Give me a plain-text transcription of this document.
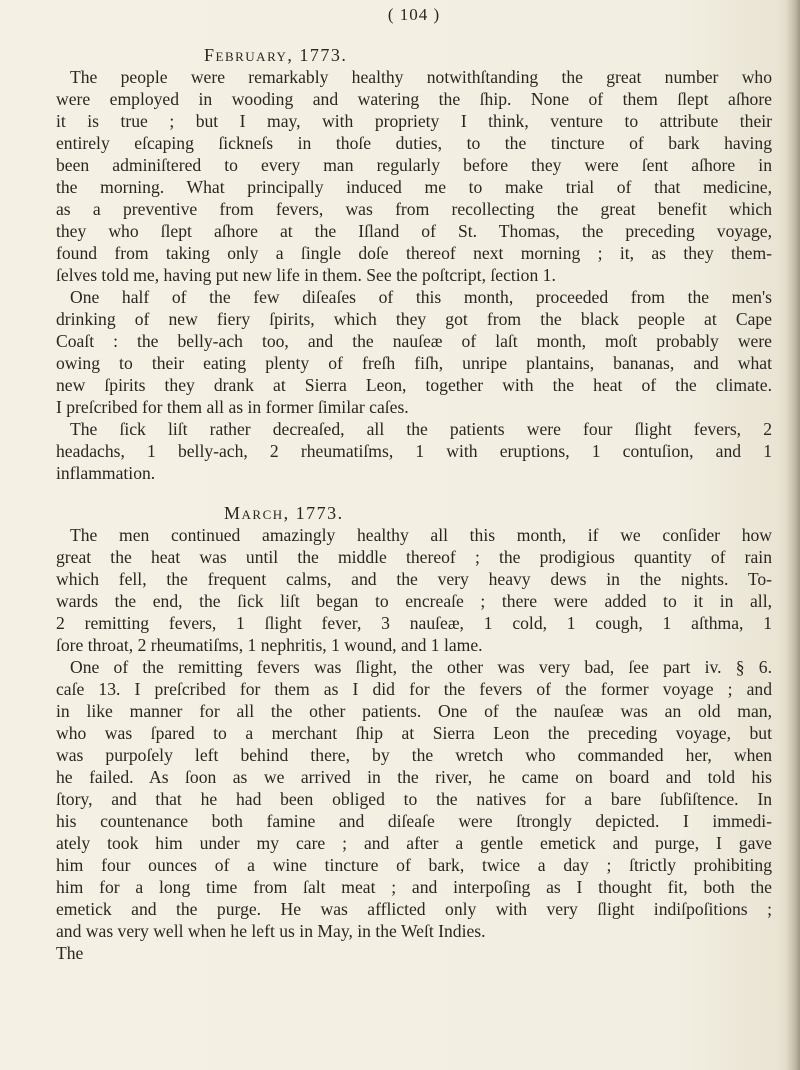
( 104 )
February, 1773.
The people were remarkably healthy notwithſtanding the great number who
were employed in wooding and watering the ſhip. None of them ſlept aſhore
it is true ; but I may, with propriety I think, venture to attribute their
entirely eſcaping ſickneſs in thoſe duties, to the tincture of bark having
been adminiſtered to every man regularly before they were ſent aſhore in
the morning. What principally induced me to make trial of that medicine,
as a preventive from fevers, was from recollecting the great benefit which
they who ſlept aſhore at the Iſland of St. Thomas, the preceding voyage,
found from taking only a ſingle doſe thereof next morning ; it, as they them-
ſelves told me, having put new life in them. See the poſtcript, ſection 1.
One half of the few diſeaſes of this month, proceeded from the men's
drinking of new fiery ſpirits, which they got from the black people at Cape
Coaſt : the belly-ach too, and the nauſeæ of laſt month, moſt probably were
owing to their eating plenty of freſh fiſh, unripe plantains, bananas, and what
new ſpirits they drank at Sierra Leon, together with the heat of the climate.
I preſcribed for them all as in former ſimilar caſes.
The ſick liſt rather decreaſed, all the patients were four ſlight fevers, 2
headachs, 1 belly-ach, 2 rheumatiſms, 1 with eruptions, 1 contuſion, and 1
inflammation.
March, 1773.
The men continued amazingly healthy all this month, if we conſider how
great the heat was until the middle thereof ; the prodigious quantity of rain
which fell, the frequent calms, and the very heavy dews in the nights. To-
wards the end, the ſick liſt began to encreaſe ; there were added to it in all,
2 remitting fevers, 1 ſlight fever, 3 nauſeæ, 1 cold, 1 cough, 1 aſthma, 1
ſore throat, 2 rheumatiſms, 1 nephritis, 1 wound, and 1 lame.
One of the remitting fevers was ſlight, the other was very bad, ſee part iv. § 6.
caſe 13. I preſcribed for them as I did for the fevers of the former voyage ; and
in like manner for all the other patients. One of the nauſeæ was an old man,
who was ſpared to a merchant ſhip at Sierra Leon the preceding voyage, but
was purpoſely left behind there, by the wretch who commanded her, when
he failed. As ſoon as we arrived in the river, he came on board and told his
ſtory, and that he had been obliged to the natives for a bare ſubſiſtence. In
his countenance both famine and diſeaſe were ſtrongly depicted. I immedi-
ately took him under my care ; and after a gentle emetick and purge, I gave
him four ounces of a wine tincture of bark, twice a day ; ſtrictly prohibiting
him for a long time from ſalt meat ; and interpoſing as I thought fit, both the
emetick and the purge. He was afflicted only with very ſlight indiſpoſitions ;
and was very well when he left us in May, in the Weſt Indies.
The
